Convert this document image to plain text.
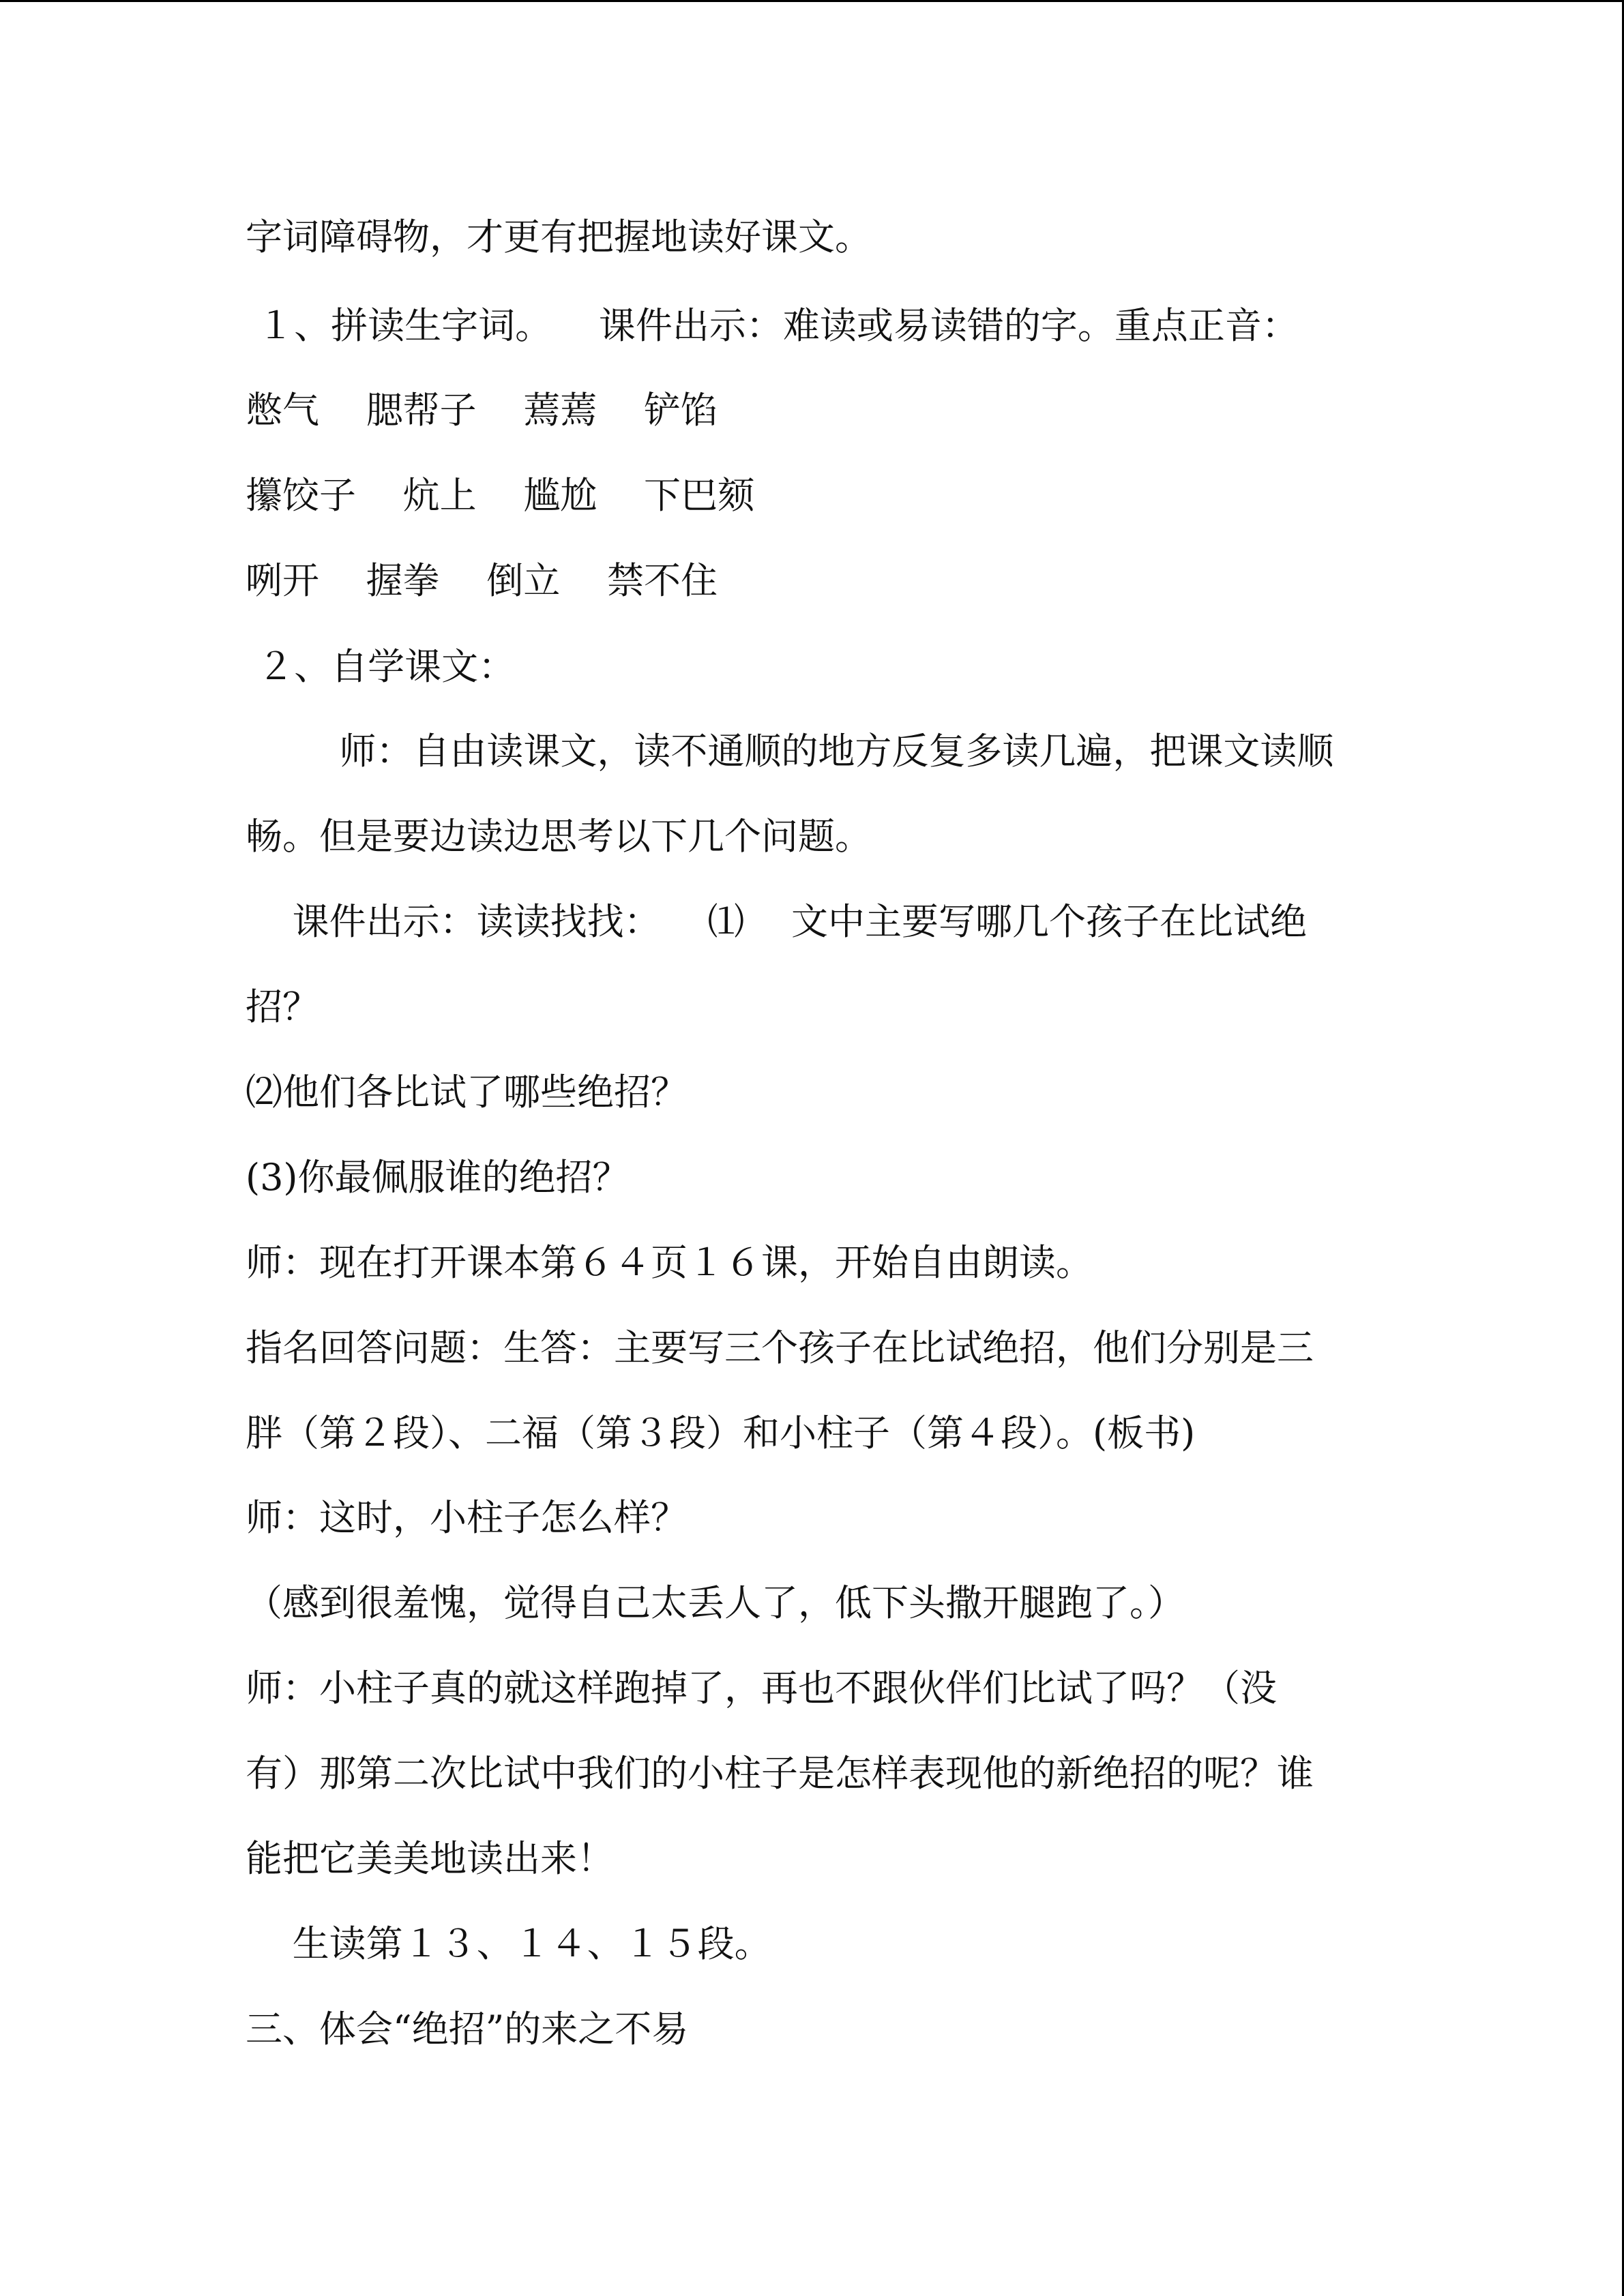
字词障碍物，才更有把握地读好课文。
１、拼读生字词。    课件出示：难读或易读错的字。重点正音：
憋气    腮帮子    蔫蔫    铲馅
攥饺子    炕上    尴尬    下巴颏
咧开    握拳    倒立    禁不住
２、自学课文：
师：自由读课文，读不通顺的地方反复多读几遍，把课文读顺
畅。但是要边读边思考以下几个问题。
课件出示：读读找找：    ⑴    文中主要写哪几个孩子在比试绝
招？
⑵他们各比试了哪些绝招？
(3)你最佩服谁的绝招？
师：现在打开课本第６４页１６课，开始自由朗读。
指名回答问题：生答：主要写三个孩子在比试绝招，他们分别是三
胖（第２段）、二福（第３段）和小柱子（第４段）。(板书)
师：这时，小柱子怎么样？
（感到很羞愧，觉得自己太丢人了，低下头撒开腿跑了。）
师：小柱子真的就这样跑掉了，再也不跟伙伴们比试了吗？（没
有）那第二次比试中我们的小柱子是怎样表现他的新绝招的呢？谁
能把它美美地读出来！
生读第１３、１４、１５段。
三、体会“绝招”的来之不易
